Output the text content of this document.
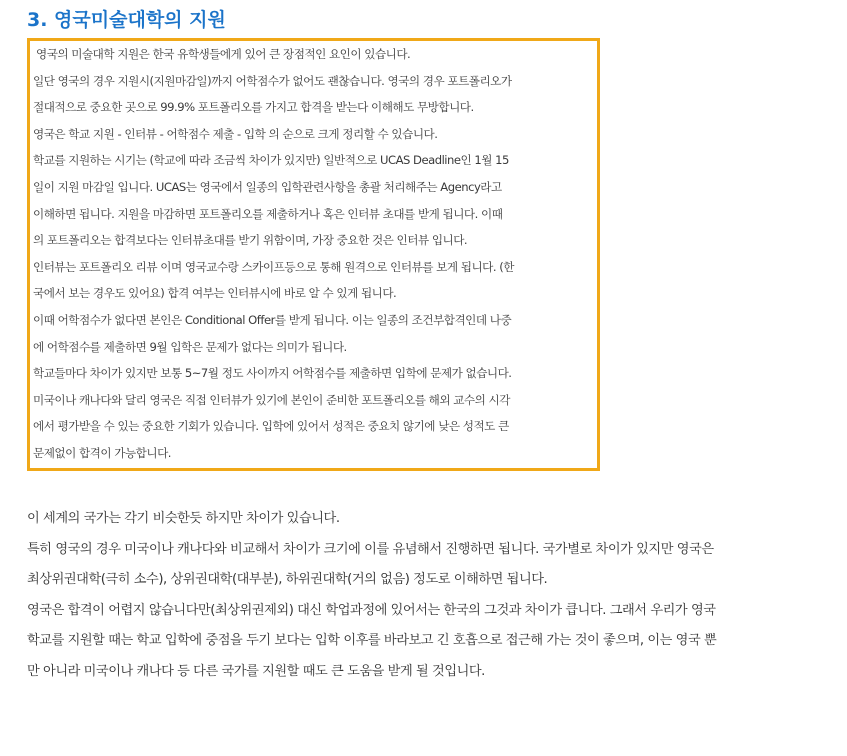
3. 영국미술대학의 지원
영국의 미술대학 지원은 한국 유학생들에게 있어 큰 장점적인 요인이 있습니다.
일단 영국의 경우 지원시(지원마감일)까지 어학점수가 없어도 괜찮습니다. 영국의 경우 포트폴리오가
절대적으로 중요한 곳으로 99.9% 포트폴리오를 가지고 합격을 받는다 이해해도 무방합니다.
영국은 학교 지원 - 인터뷰 - 어학점수 제출 - 입학 의 순으로 크게 정리할 수 있습니다.
학교를 지원하는 시기는 (학교에 따라 조금씩 차이가 있지만) 일반적으로 UCAS Deadline인 1월 15
일이 지원 마감일 입니다. UCAS는 영국에서 일종의 입학관련사항을 총괄 처리해주는 Agency라고
이해하면 됩니다. 지원을 마감하면 포트폴리오를 제출하거나 혹은 인터뷰 초대를 받게 됩니다. 이때
의 포트폴리오는 합격보다는 인터뷰초대를 받기 위함이며, 가장 중요한 것은 인터뷰 입니다.
인터뷰는 포트폴리오 리뷰 이며 영국교수랑 스카이프등으로 통해 원격으로 인터뷰를 보게 됩니다. (한
국에서 보는 경우도 있어요) 합격 여부는 인터뷰시에 바로 알 수 있게 됩니다.
이때 어학점수가 없다면 본인은 Conditional Offer를 받게 됩니다. 이는 일종의 조건부합격인데 나중
에 어학점수를 제출하면 9월 입학은 문제가 없다는 의미가 됩니다.
학교들마다 차이가 있지만 보통 5~7월 정도 사이까지 어학점수를 제출하면 입학에 문제가 없습니다.
미국이나 캐나다와 달리 영국은 직접 인터뷰가 있기에 본인이 준비한 포트폴리오를 해외 교수의 시각
에서 평가받을 수 있는 중요한 기회가 있습니다. 입학에 있어서 성적은 중요치 않기에 낮은 성적도 큰
문제없이 합격이 가능합니다.
이 세계의 국가는 각기 비슷한듯 하지만 차이가 있습니다.
특히 영국의 경우 미국이나 캐나다와 비교해서 차이가 크기에 이를 유념해서 진행하면 됩니다. 국가별로 차이가 있지만 영국은
최상위권대학(극히 소수), 상위권대학(대부분), 하위권대학(거의 없음) 정도로 이해하면 됩니다.
영국은 합격이 어렵지 않습니다만(최상위권제외) 대신 학업과정에 있어서는 한국의 그것과 차이가 큽니다. 그래서 우리가 영국
학교를 지원할 때는 학교 입학에 중점을 두기 보다는 입학 이후를 바라보고 긴 호흡으로 접근해 가는 것이 좋으며, 이는 영국 뿐
만 아니라 미국이나 캐나다 등 다른 국가를 지원할 때도 큰 도움을 받게 될 것입니다.
